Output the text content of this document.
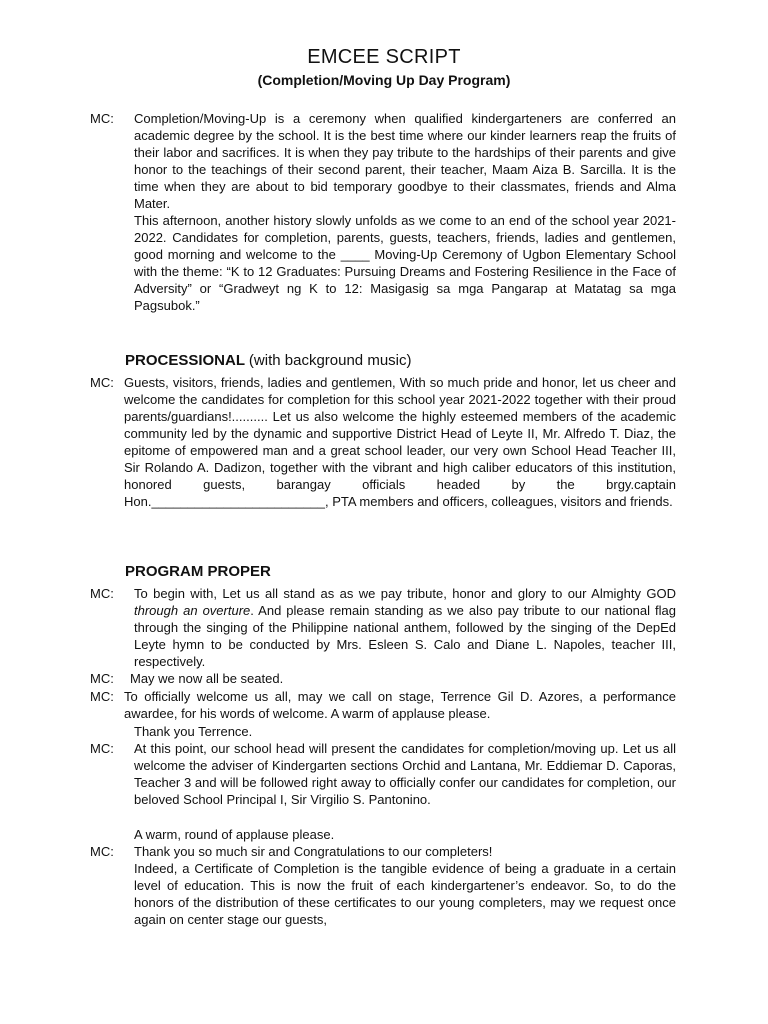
EMCEE SCRIPT
(Completion/Moving Up Day Program)
MC: Completion/Moving-Up is a ceremony when qualified kindergarteners are conferred an academic degree by the school. It is the best time where our kinder learners reap the fruits of their labor and sacrifices. It is when they pay tribute to the hardships of their parents and give honor to the teachings of their second parent, their teacher, Maam Aiza B. Sarcilla. It is the time when they are about to bid temporary goodbye to their classmates, friends and Alma Mater.
This afternoon, another history slowly unfolds as we come to an end of the school year 2021-2022. Candidates for completion, parents, guests, teachers, friends, ladies and gentlemen, good morning and welcome to the ____ Moving-Up Ceremony of Ugbon Elementary School with the theme: “K to 12 Graduates: Pursuing Dreams and Fostering Resilience in the Face of Adversity” or “Gradweyt ng K to 12: Masigasig sa mga Pangarap at Matatag sa mga Pagsubok.”
PROCESSIONAL (with background music)
MC: Guests, visitors, friends, ladies and gentlemen, With so much pride and honor, let us cheer and welcome the candidates for completion for this school year 2021-2022 together with their proud parents/guardians!.......... Let us also welcome the highly esteemed members of the academic community led by the dynamic and supportive District Head of Leyte II, Mr. Alfredo T. Diaz, the epitome of empowered man and a great school leader, our very own School Head Teacher III, Sir Rolando A. Dadizon, together with the vibrant and high caliber educators of this institution, honored guests, barangay officials headed by the brgy.captain Hon.________________________, PTA members and officers, colleagues, visitors and friends.
PROGRAM PROPER
MC: To begin with, Let us all stand as as we pay tribute, honor and glory to our Almighty GOD through an overture. And please remain standing as we also pay tribute to our national flag through the singing of the Philippine national anthem, followed by the singing of the DepEd Leyte hymn to be conducted by Mrs. Esleen S. Calo and Diane L. Napoles, teacher III, respectively.
MC: May we now all be seated.
MC: To officially welcome us all, may we call on stage, Terrence Gil D. Azores, a performance awardee, for his words of welcome. A warm of applause please.
Thank you Terrence.
MC: At this point, our school head will present the candidates for completion/moving up. Let us all welcome the adviser of Kindergarten sections Orchid and Lantana, Mr. Eddiemar D. Caporas, Teacher 3 and will be followed right away to officially confer our candidates for completion, our beloved School Principal I, Sir Virgilio S. Pantonino.
A warm, round of applause please.
MC: Thank you so much sir and Congratulations to our completers!
Indeed, a Certificate of Completion is the tangible evidence of being a graduate in a certain level of education. This is now the fruit of each kindergartener’s endeavor. So, to do the honors of the distribution of these certificates to our young completers, may we request once again on center stage our guests,
